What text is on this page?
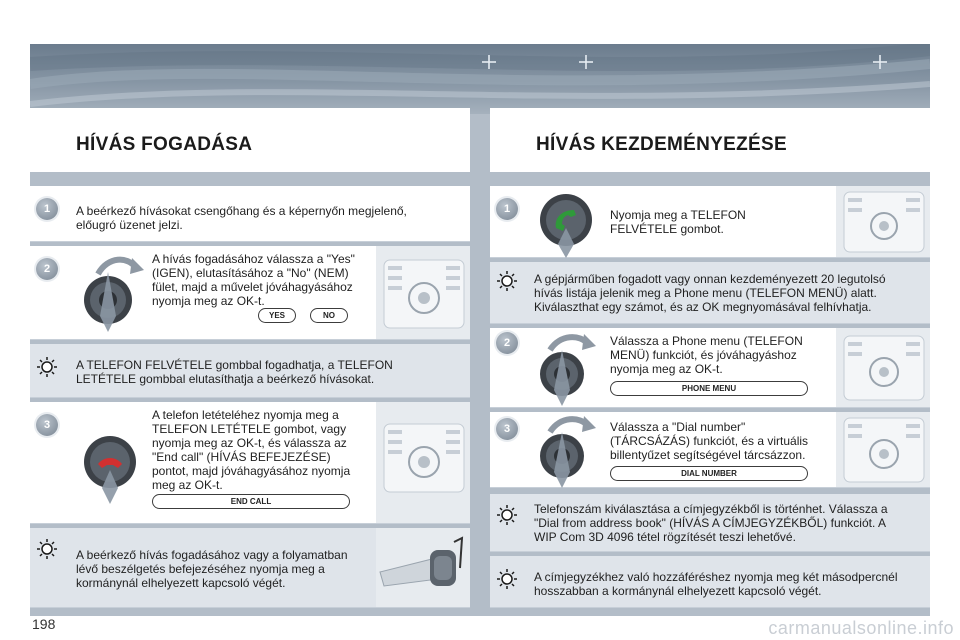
HÍVÁS FOGADÁSA	HÍVÁS KEZDEMÉNYEZÉSE
1	A beérkező hívásokat csengőhang és a képernyőn megjelenő,
előugró üzenet jelzi.
2
A hívás fogadásához válassza a "Yes"
(IGEN), elutasításához a "No" (NEM)
fület, majd a művelet jóváhagyásához
nyomja meg az OK-t.
YES	NO
A TELEFON FELVÉTELE gombbal fogadhatja, a TELEFON
LETÉTELE gombbal elutasíthatja a beérkező hívásokat.
3
A telefon letételéhez nyomja meg a
TELEFON LETÉTELE gombot, vagy
nyomja meg az OK-t, és válassza az
"End call" (HÍVÁS BEFEJEZÉSE)
pontot, majd jóváhagyásához nyomja
meg az OK-t.
END CALL
A beérkező hívás fogadásához vagy a folyamatban
lévő beszélgetés befejezéséhez nyomja meg a
kormánynál elhelyezett kapcsoló végét.
1	Nyomja meg a TELEFON
FELVÉTELE gombot.
A gépjárműben fogadott vagy onnan kezdeményezett 20 legutolsó
hívás listája jelenik meg a Phone menu (TELEFON MENÜ) alatt.
Kiválaszthat egy számot, és az OK megnyomásával felhívhatja.
2	Válassza a Phone menu (TELEFON
MENÜ) funkciót, és jóváhagyáshoz
nyomja meg az OK-t.
PHONE MENU
3	Válassza a "Dial number"
(TÁRCSÁZÁS) funkciót, és a virtuális
billentyűzet segítségével tárcsázzon.
DIAL NUMBER
Telefonszám kiválasztása a címjegyzékből is történhet. Válassza a
"Dial from address book" (HÍVÁS A CÍMJEGYZÉKBŐL) funkciót. A
WIP Com 3D 4096 tétel rögzítését teszi lehetővé.
A címjegyzékhez való hozzáféréshez nyomja meg két másodpercnél
hosszabban a kormánynál elhelyezett kapcsoló végét.
198	carmanualsonline.info
